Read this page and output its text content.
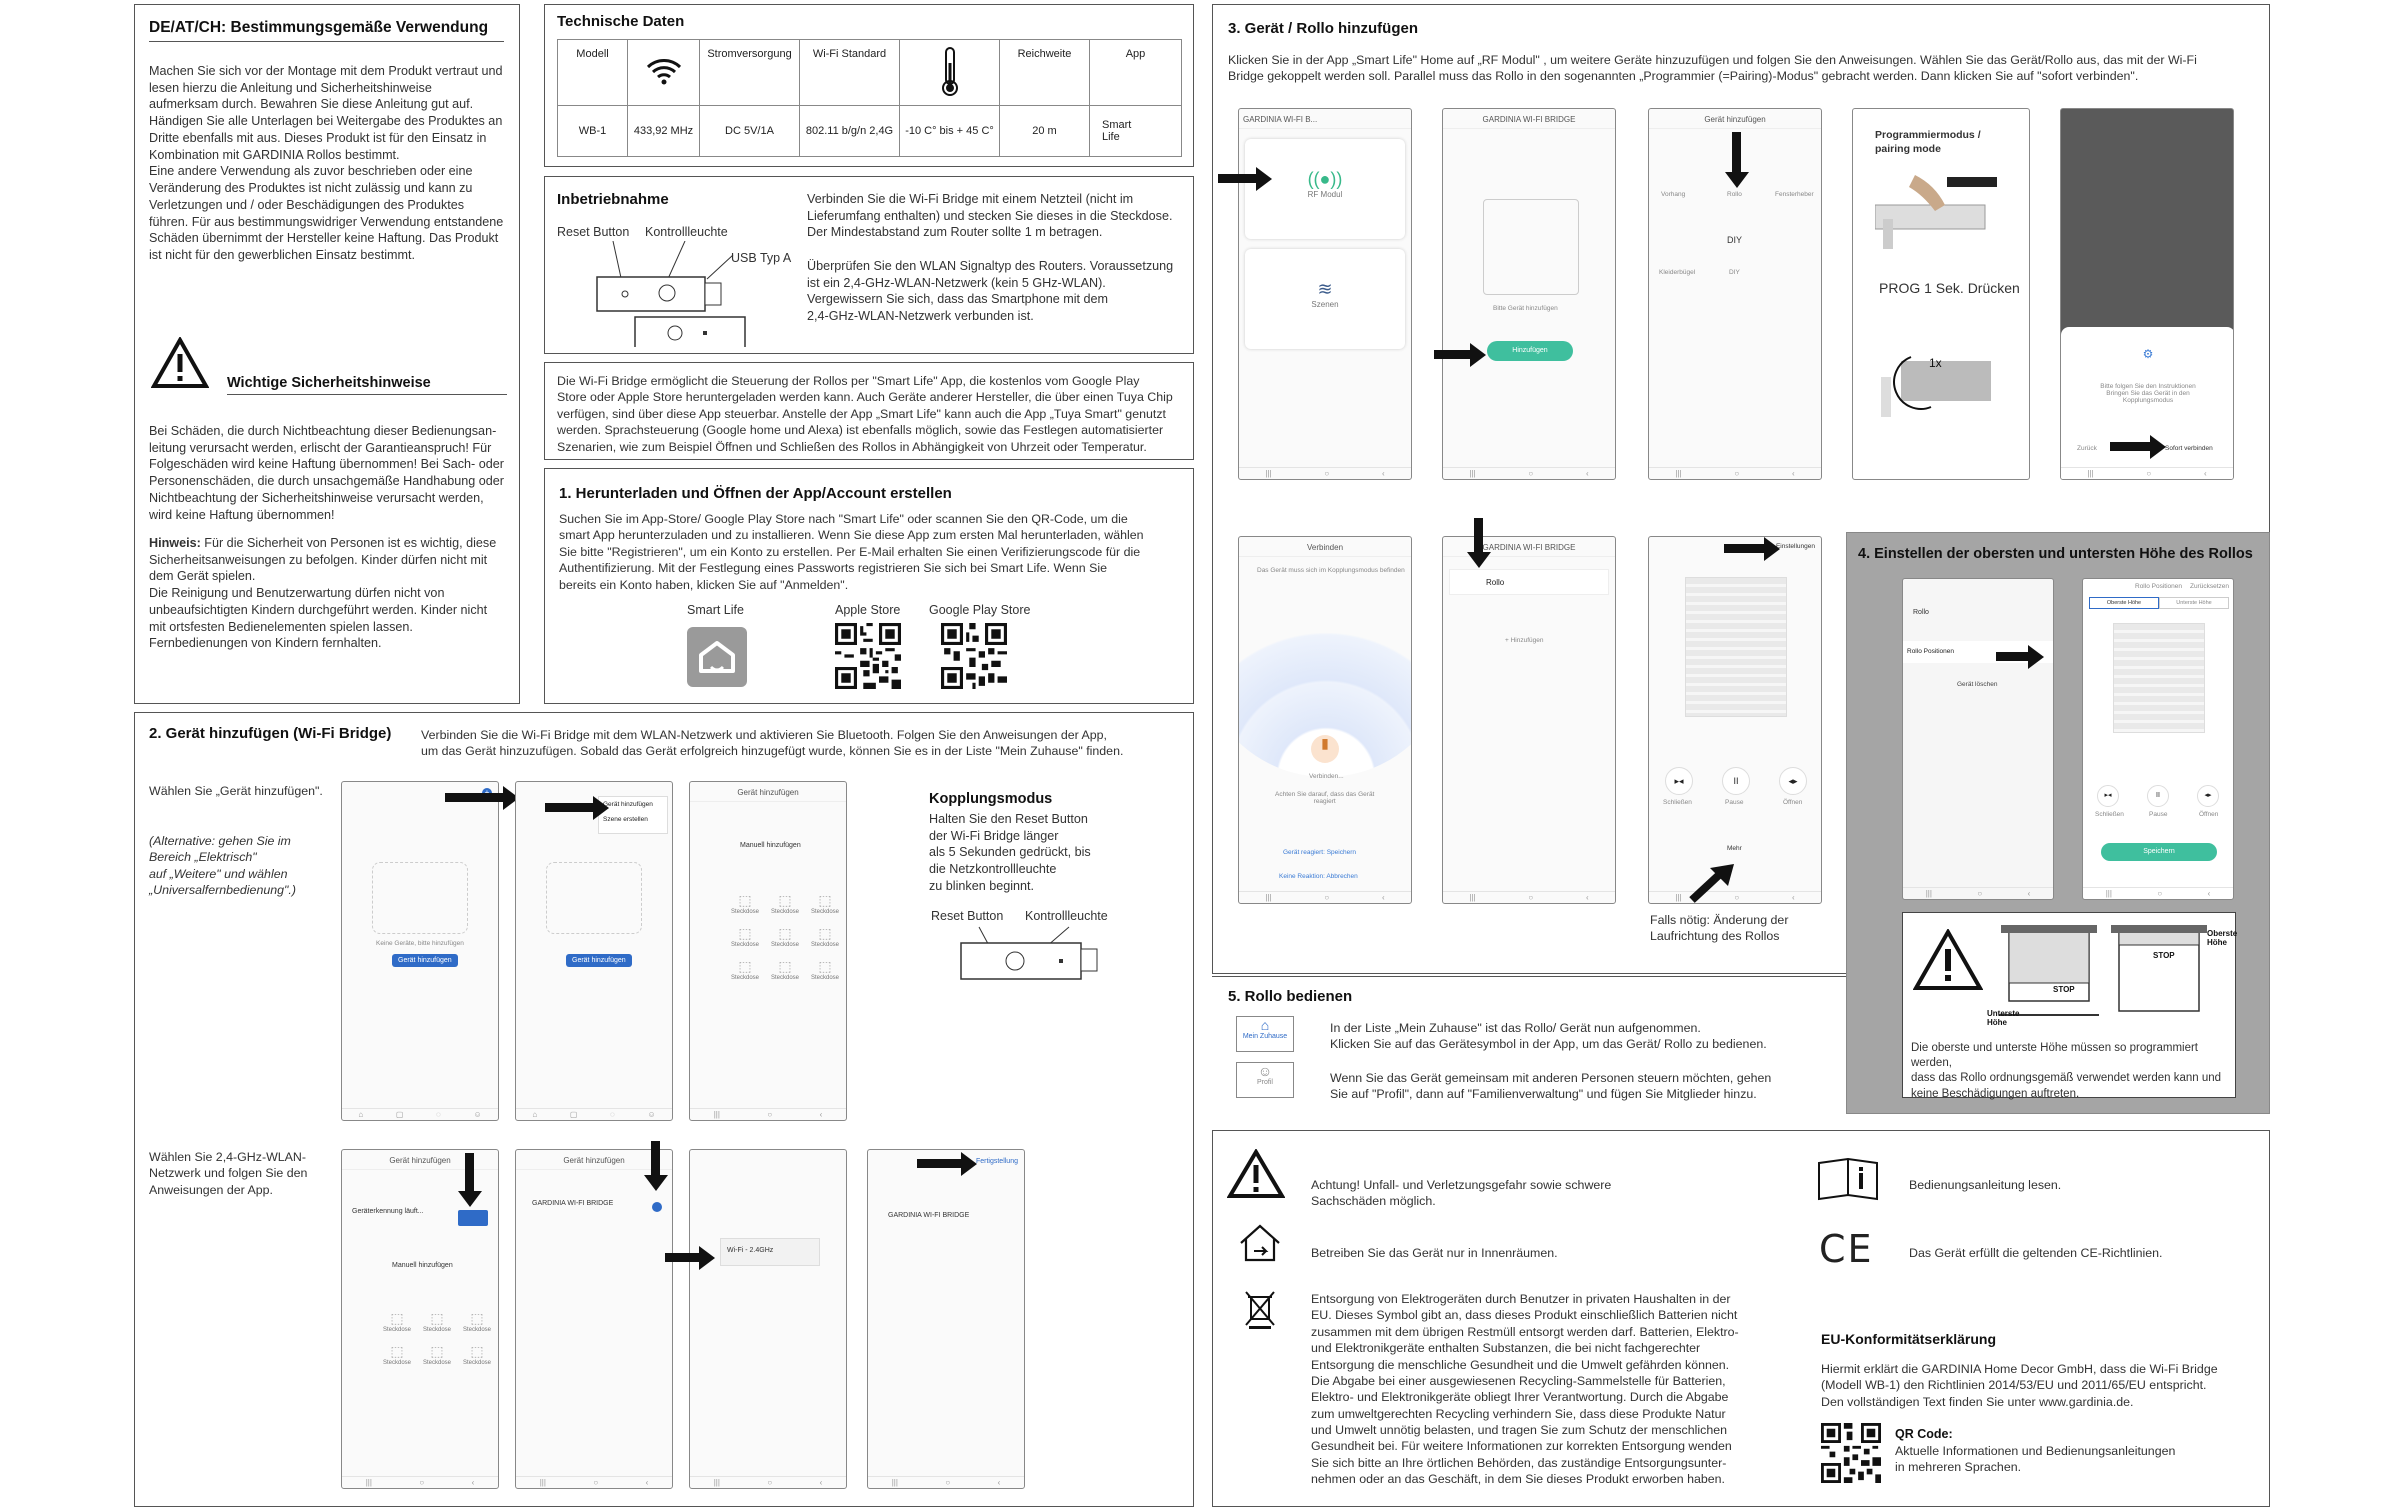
DE/AT/CH: Bestimmungsgemäße Verwendung
Machen Sie sich vor der Montage mit dem Produkt vertraut und
lesen hierzu die Anleitung und Sicherheitshinweise
aufmerksam durch. Bewahren Sie diese Anleitung gut auf.
Händigen Sie alle Unterlagen bei Weitergabe des Produktes an
Dritte ebenfalls mit aus. Dieses Produkt ist für den Einsatz in
Kombination mit GARDINIA Rollos bestimmt.
Eine andere Verwendung als zuvor beschrieben oder eine
Veränderung des Produktes ist nicht zulässig und kann zu
Verletzungen und / oder Beschädigungen des Produktes
führen. Für aus bestimmungswidriger Verwendung entstandene
Schäden übernimmt der Hersteller keine Haftung. Das Produkt
ist nicht für den gewerblichen Einsatz bestimmt.
Wichtige Sicherheitshinweise
Bei Schäden, die durch Nichtbeachtung dieser Bedienungsan-
leitung verursacht werden, erlischt der Garantieanspruch! Für
Folgeschäden wird keine Haftung übernommen! Bei Sach- oder
Personenschäden, die durch unsachgemäße Handhabung oder
Nichtbeachtung der Sicherheitshinweise verursacht werden,
wird keine Haftung übernommen!
Hinweis: Für die Sicherheit von Personen ist es wichtig, diese
Sicherheitsanweisungen zu befolgen. Kinder dürfen nicht mit
dem Gerät spielen.
Die Reinigung und Benutzerwartung dürfen nicht von
unbeaufsichtigten Kindern durchgeführt werden. Kinder nicht
mit ortsfesten Bedienelementen spielen lassen.
Fernbedienungen von Kindern fernhalten.
Technische Daten
Modell		Stromversorgung	Wi-Fi Standard		Reichweite	App
WB-1	433,92 MHz	DC 5V/1A	802.11 b/g/n 2,4G	-10 C° bis + 45 C°	20 m	Smart
Life
Inbetriebnahme
Reset Button Kontrollleuchte
USB Typ A
Verbinden Sie die Wi-Fi Bridge mit einem Netzteil (nicht im
Lieferumfang enthalten) und stecken Sie dieses in die Steckdose.
Der Mindestabstand zum Router sollte 1 m betragen.

Überprüfen Sie den WLAN Signaltyp des Routers. Voraussetzung
ist ein 2,4-GHz-WLAN-Netzwerk (kein 5 GHz-WLAN).
Vergewissern Sie sich, dass das Smartphone mit dem
2,4-GHz-WLAN-Netzwerk verbunden ist.
Die Wi-Fi Bridge ermöglicht die Steuerung der Rollos per "Smart Life" App, die kostenlos vom Google Play
Store oder Apple Store heruntergeladen werden kann. Auch Geräte anderer Hersteller, die über einen Tuya Chip
verfügen, sind über diese App steuerbar. Anstelle der App „Smart Life" kann auch die App „Tuya Smart" genutzt
werden. Sprachsteuerung (Google home und Alexa) ist ebenfalls möglich, sowie das Festlegen automatisierter
Szenarien, wie zum Beispiel Öffnen und Schließen des Rollos in Abhängigkeit von Uhrzeit oder Temperatur.
1. Herunterladen und Öffnen der App/Account erstellen
Suchen Sie im App-Store/ Google Play Store nach "Smart Life" oder scannen Sie den QR-Code, um die
smart App herunterzuladen und zu installieren. Wenn Sie diese App zum ersten Mal herunterladen, wählen
Sie bitte "Registrieren", um ein Konto zu erstellen. Per E-Mail erhalten Sie einen Verifizierungscode für die
Authentifizierung. Mit der Festlegung eines Passworts registrieren Sie sich bei Smart Life. Wenn Sie
bereits ein Konto haben, klicken Sie auf "Anmelden".
Smart Life	Apple Store Google Play Store
2. Gerät hinzufügen (Wi-Fi Bridge) Verbinden Sie die Wi-Fi Bridge mit dem WLAN-Netzwerk und aktivieren Sie Bluetooth. Folgen Sie den Anweisungen der App,
um das Gerät hinzuzufügen. Sobald das Gerät erfolgreich hinzugefügt wurde, können Sie es in der Liste "Mein Zuhause" finden.
Wählen Sie „Gerät hinzufügen".
(Alternative: gehen Sie im
Bereich „Elektrisch"
auf „Weitere" und wählen
„Universalfernbedienung".)
Wählen Sie 2,4-GHz-WLAN-
Netzwerk und folgen Sie den
Anweisungen der App.
Keine Geräte, bitte hinzufügen
Gerät hinzufügen
+
⌂	▢	◌	☺
Gerät hinzufügen
Szene erstellen
Gerät hinzufügen
⌂	▢	◌	☺
Gerät hinzufügen
Manuell hinzufügen
⬚ Steckdose ⬚ Steckdose ⬚ Steckdose
⬚ Steckdose ⬚ Steckdose ⬚ Steckdose
⬚ Steckdose ⬚ Steckdose ⬚ Steckdose
|||	○	‹
Gerät hinzufügen
Geräterkennung läuft...
Manuell hinzufügen
⬚ Steckdose ⬚ Steckdose ⬚ Steckdose
⬚ Steckdose ⬚ Steckdose ⬚ Steckdose
|||	○	‹
Gerät hinzufügen
GARDINIA WI-FI BRIDGE
|||	○	‹
Wi-Fi - 2.4GHz
|||	○	‹
Fertigstellung
GARDINIA WI-FI BRIDGE
|||	○	‹
Kopplungsmodus
Halten Sie den Reset Button
der Wi-Fi Bridge länger
als 5 Sekunden gedrückt, bis
die Netzkontrollleuchte
zu blinken beginnt.
Reset Button Kontrollleuchte
3. Gerät / Rollo hinzufügen
Klicken Sie in der App „Smart Life" Home auf „RF Modul" , um weitere Geräte hinzuzufügen und folgen Sie den Anweisungen. Wählen Sie das Gerät/Rollo aus, das mit der Wi-Fi
Bridge gekoppelt werden soll. Parallel muss das Rollo in den sogenannten „Programmier (=Pairing)-Modus" gebracht werden. Dann klicken Sie auf "sofort verbinden".
GARDINIA WI-FI B...
((●))
RF Modul
≋
Szenen
|||	○	‹
GARDINIA WI-FI BRIDGE
Bitte Gerät hinzufügen
Hinzufügen
|||	○	‹
Gerät hinzufügen
Vorhang	Rollo	Fensterheber
DIY
Kleiderbügel	DIY
|||	○	‹
Programmiermodus /
pairing mode
PROG 1 Sek. Drücken
1x
⚙
Bitte folgen Sie den Instruktionen
Bringen Sie das Gerät in den Kopplungsmodus
Zurück	Sofort verbinden
|||	○	‹
Verbinden
Das Gerät muss sich im Kopplungsmodus befinden
▮
Verbinden...
Achten Sie darauf, dass das Gerät
reagiert
Gerät reagiert: Speichern
Keine Reaktion: Abbrechen
|||	○	‹
GARDINIA WI-FI BRIDGE
Rollo
+ Hinzufügen
|||	○	‹
Einstellungen
▸◂	II	◂▸
Schließen	Pause	Öffnen
Mehr
|||	○	‹
Falls nötig: Änderung der
Laufrichtung des Rollos
4. Einstellen der obersten und untersten Höhe des Rollos
Rollo
Rollo Positionen
Gerät löschen
|||	○	‹
Rollo Positionen Zurücksetzen
Oberste Höhe	Unterste Höhe
▸◂	II	◂▸
Schließen	Pause	Öffnen
Speichern
|||	○	‹
STOP
STOP
Unterste
Höhe
Oberste
Höhe
Die oberste und unterste Höhe müssen so programmiert werden,
dass das Rollo ordnungsgemäß verwendet werden kann und
keine Beschädigungen auftreten.
5. Rollo bedienen
⌂
Mein Zuhause
In der Liste „Mein Zuhause" ist das Rollo/ Gerät nun aufgenommen.
Klicken Sie auf das Gerätesymbol in der App, um das Gerät/ Rollo zu bedienen.
☺
Profil	Wenn Sie das Gerät gemeinsam mit anderen Personen steuern möchten, gehen
Sie auf "Profil", dann auf "Familienverwaltung" und fügen Sie Mitglieder hinzu.
Achtung! Unfall- und Verletzungsgefahr sowie schwere
Sachschäden möglich.
Betreiben Sie das Gerät nur in Innenräumen.
Entsorgung von Elektrogeräten durch Benutzer in privaten Haushalten in der
EU. Dieses Symbol gibt an, dass dieses Produkt einschließlich Batterien nicht
zusammen mit dem übrigen Restmüll entsorgt werden darf. Batterien, Elektro-
und Elektronikgeräte enthalten Substanzen, die bei nicht fachgerechter
Entsorgung die menschliche Gesundheit und die Umwelt gefährden können.
Die Abgabe bei einer ausgewiesenen Recycling-Sammelstelle für Batterien,
Elektro- und Elektronikgeräte obliegt Ihrer Verantwortung. Durch die Abgabe
zum umweltgerechten Recycling verhindern Sie, dass diese Produkte Natur
und Umwelt unnötig belasten, und tragen Sie zum Schutz der menschlichen
Gesundheit bei. Für weitere Informationen zur korrekten Entsorgung wenden
Sie sich bitte an Ihre örtlichen Behörden, das zuständige Entsorgungsunter-
nehmen oder an das Geschäft, in dem Sie dieses Produkt erworben haben.
Bedienungsanleitung lesen.
CE	Das Gerät erfüllt die geltenden CE-Richtlinien.
EU-Konformitätserklärung
Hiermit erklärt die GARDINIA Home Decor GmbH, dass die Wi-Fi Bridge
(Modell WB-1) den Richtlinien 2014/53/EU und 2011/65/EU entspricht.
Den vollständigen Text finden Sie unter www.gardinia.de.
QR Code:
Aktuelle Informationen und Bedienungsanleitungen
in mehreren Sprachen.
